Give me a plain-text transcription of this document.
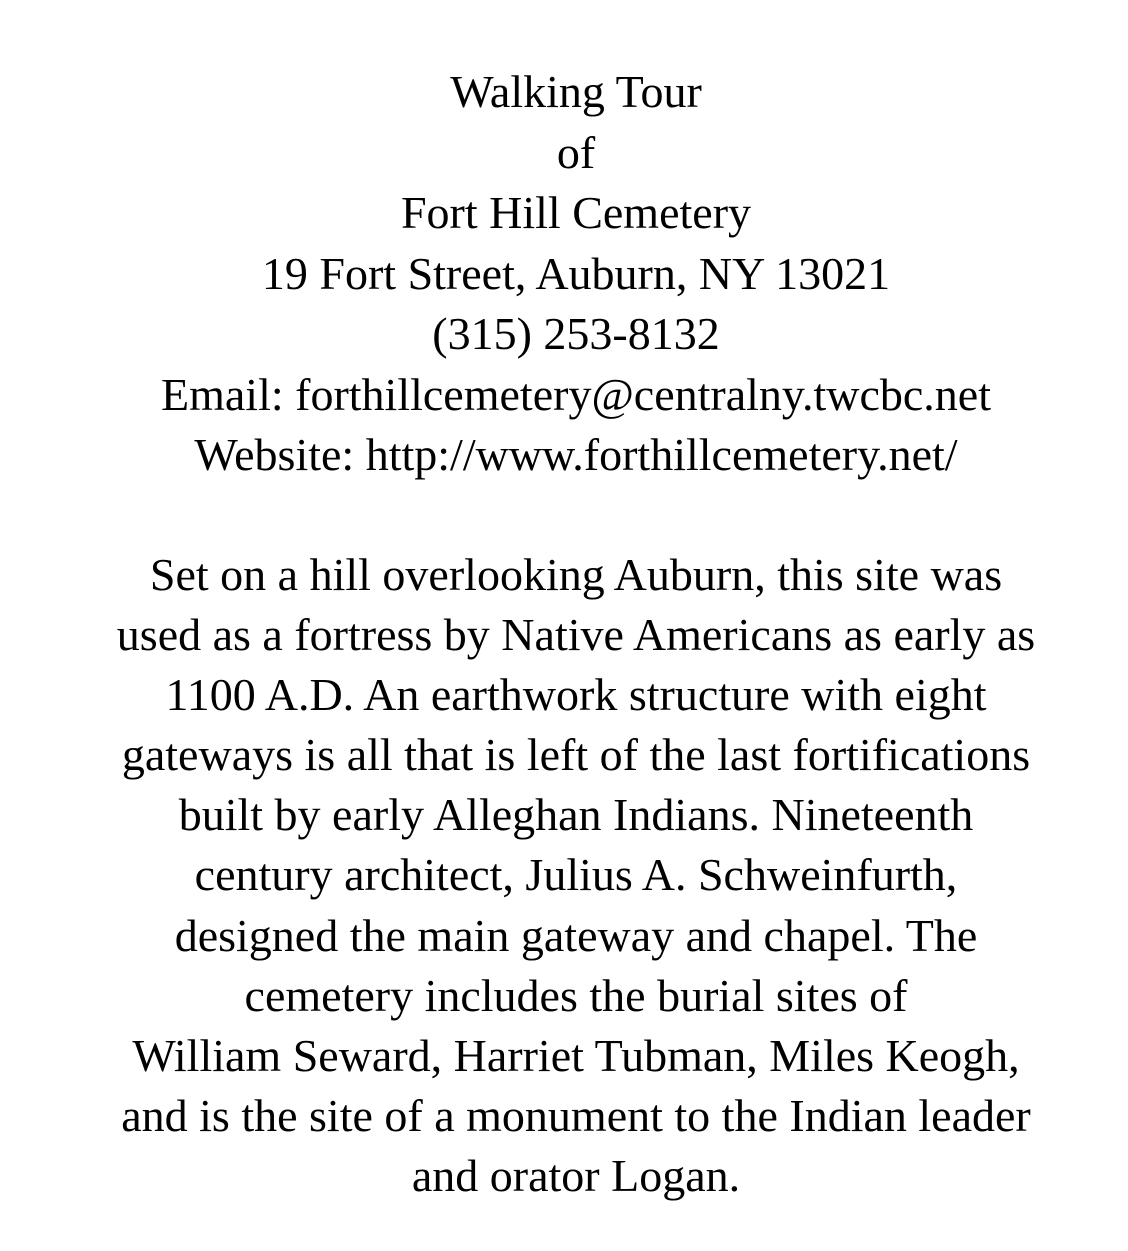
Walking Tour
of
Fort Hill Cemetery
19 Fort Street, Auburn, NY 13021
(315) 253-8132
Email: forthillcemetery@centralny.twcbc.net
Website: http://www.forthillcemetery.net/
Set on a hill overlooking Auburn, this site was
used as a fortress by Native Americans as early as
1100 A.D. An earthwork structure with eight
gateways is all that is left of the last fortifications
built by early Alleghan Indians. Nineteenth
century architect, Julius A. Schweinfurth,
designed the main gateway and chapel. The
cemetery includes the burial sites of
William Seward, Harriet Tubman, Miles Keogh,
and is the site of a monument to the Indian leader
and orator Logan.
